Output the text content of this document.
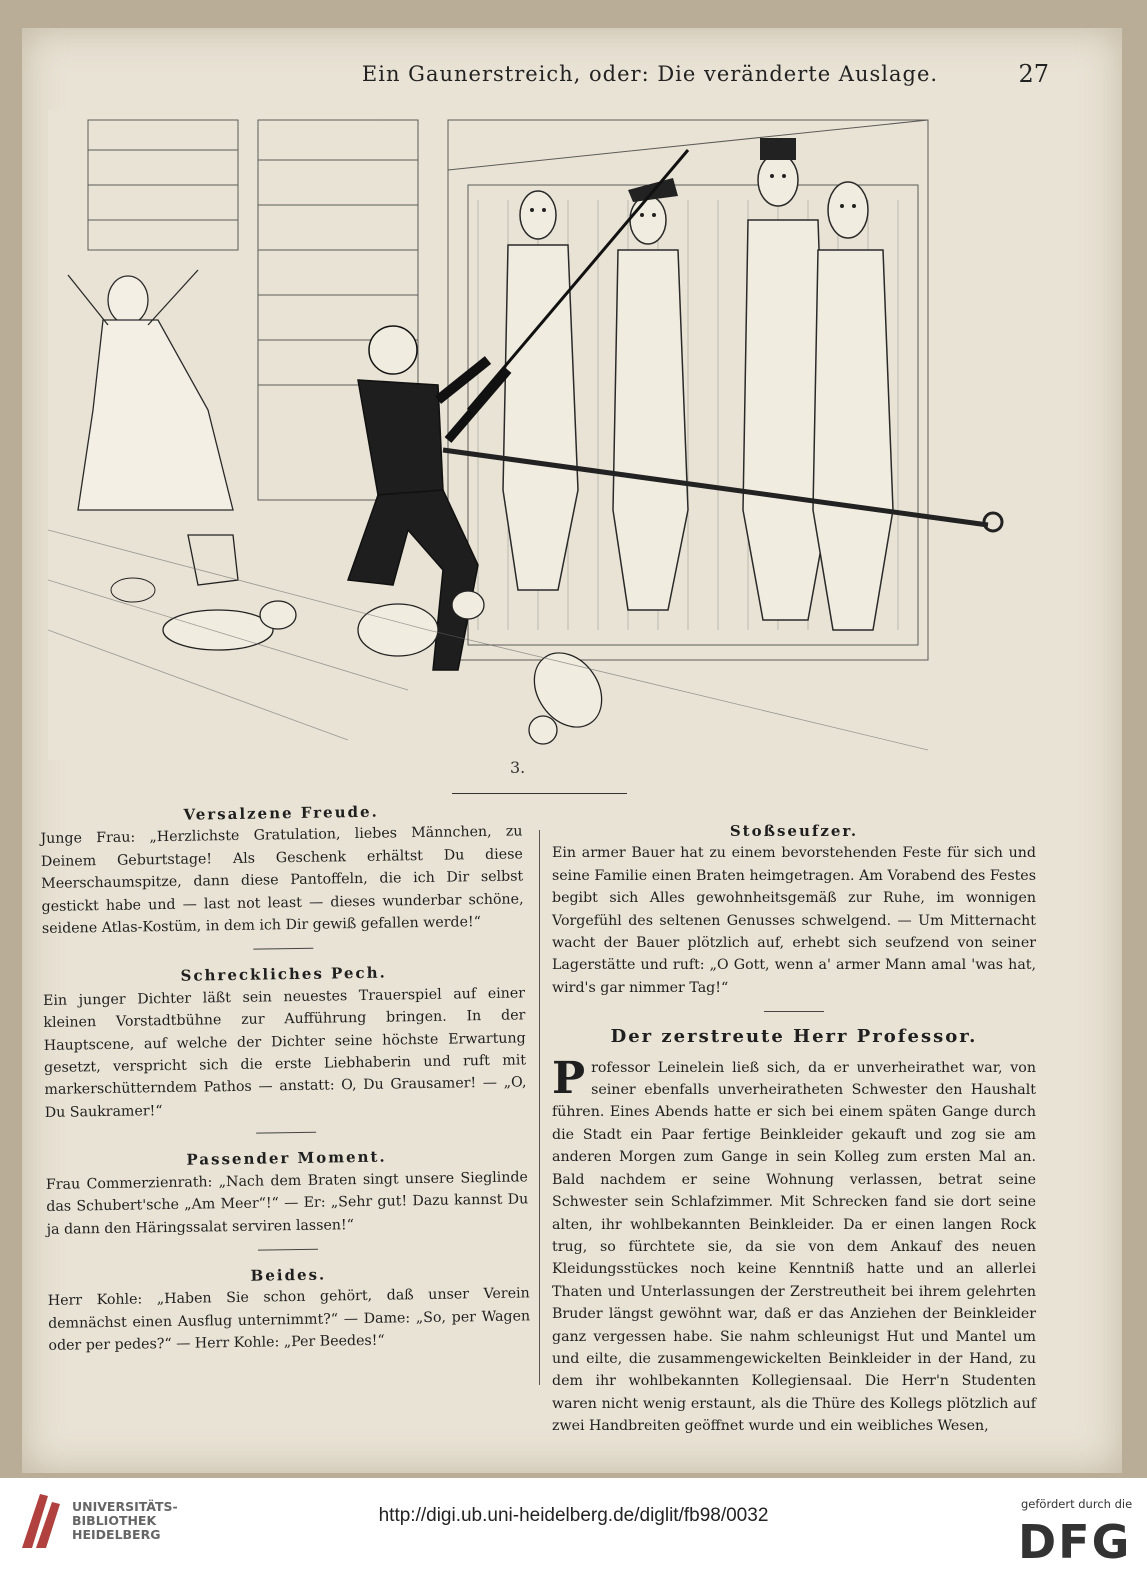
Ein Gaunerstreich, oder: Die veränderte Auslage.	27
3.
Versalzene Freude.

Junge Frau: „Herzlichste Gratulation, liebes Männchen, zu Deinem Geburtstage! Als Geschenk erhältst Du diese Meerschaumspitze, dann diese Pantoffeln, die ich Dir selbst gestickt habe und — last not least — dieses wunderbar schöne, seidene Atlas-Kostüm, in dem ich Dir gewiß gefallen werde!“

Schreckliches Pech.

Ein junger Dichter läßt sein neuestes Trauerspiel auf einer kleinen Vorstadtbühne zur Aufführung bringen. In der Hauptscene, auf welche der Dichter seine höchste Erwartung gesetzt, verspricht sich die erste Liebhaberin und ruft mit markerschütterndem Pathos — anstatt: O, Du Grausamer! — „O, Du Saukramer!“

Passender Moment.

Frau Commerzienrath: „Nach dem Braten singt unsere Sieglinde das Schubert'sche „Am Meer“!“ — Er: „Sehr gut! Dazu kannst Du ja dann den Häringssalat serviren lassen!“

Beides.

Herr Kohle: „Haben Sie schon gehört, daß unser Verein demnächst einen Ausflug unternimmt?“ — Dame: „So, per Wagen oder per pedes?“ — Herr Kohle: „Per Beedes!“

Stoßseufzer.

Ein armer Bauer hat zu einem bevorstehenden Feste für sich und seine Familie einen Braten heimgetragen. Am Vorabend des Festes begibt sich Alles gewohnheitsgemäß zur Ruhe, im wonnigen Vorgefühl des seltenen Genusses schwelgend. — Um Mitternacht wacht der Bauer plötzlich auf, erhebt sich seufzend von seiner Lagerstätte und ruft: „O Gott, wenn a' armer Mann amal 'was hat, wird's gar nimmer Tag!“

Der zerstreute Herr Professor.

Professor Leinelein ließ sich, da er unverheirathet war, von seiner ebenfalls unverheiratheten Schwester den Haushalt führen. Eines Abends hatte er sich bei einem späten Gange durch die Stadt ein Paar fertige Beinkleider gekauft und zog sie am anderen Morgen zum Gange in sein Kolleg zum ersten Mal an. Bald nachdem er seine Wohnung verlassen, betrat seine Schwester sein Schlafzimmer. Mit Schrecken fand sie dort seine alten, ihr wohlbekannten Beinkleider. Da er einen langen Rock trug, so fürchtete sie, da sie von dem Ankauf des neuen Kleidungsstückes noch keine Kenntniß hatte und an allerlei Thaten und Unterlassungen der Zerstreutheit bei ihrem gelehrten Bruder längst gewöhnt war, daß er das Anziehen der Beinkleider ganz vergessen habe. Sie nahm schleunigst Hut und Mantel um und eilte, die zusammengewickelten Beinkleider in der Hand, zu dem ihr wohlbekannten Kollegiensaal. Die Herr'n Studenten waren nicht wenig erstaunt, als die Thüre des Kollegs plötzlich auf zwei Handbreiten geöffnet wurde und ein weibliches Wesen,

UNIVERSITÄTS-
BIBLIOTHEK
HEIDELBERG
http://digi.ub.uni-heidelberg.de/diglit/fb98/0032
gefördert durch die
DFG
